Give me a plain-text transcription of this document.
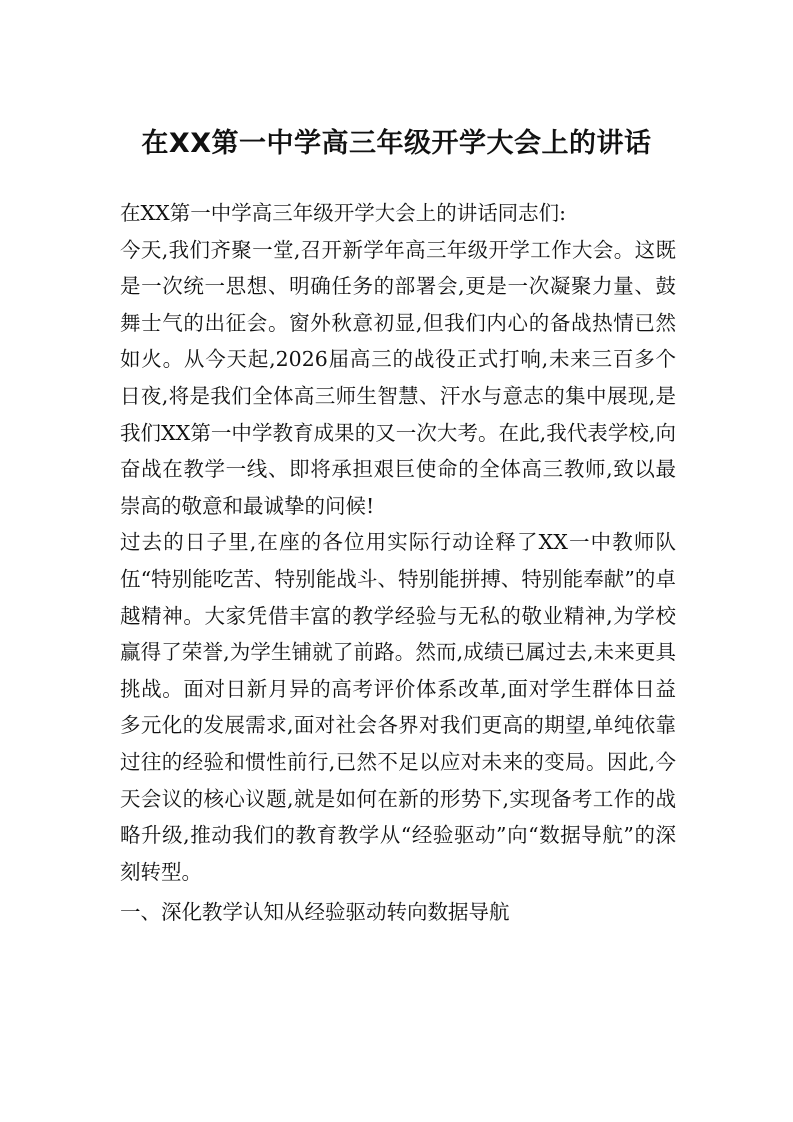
在XX第一中学高三年级开学大会上的讲话

在XX第一中学高三年级开学大会上的讲话同志们:

今天,我们齐聚一堂,召开新学年高三年级开学工作大会。这既是一次统一思想、明确任务的部署会,更是一次凝聚力量、鼓舞士气的出征会。窗外秋意初显,但我们内心的备战热情已然如火。从今天起,2026届高三的战役正式打响,未来三百多个日夜,将是我们全体高三师生智慧、汗水与意志的集中展现,是我们XX第一中学教育成果的又一次大考。在此,我代表学校,向奋战在教学一线、即将承担艰巨使命的全体高三教师,致以最崇高的敬意和最诚挚的问候!

过去的日子里,在座的各位用实际行动诠释了XX一中教师队伍“特别能吃苦、特别能战斗、特别能拼搏、特别能奉献”的卓越精神。大家凭借丰富的教学经验与无私的敬业精神,为学校赢得了荣誉,为学生铺就了前路。然而,成绩已属过去,未来更具挑战。面对日新月异的高考评价体系改革,面对学生群体日益多元化的发展需求,面对社会各界对我们更高的期望,单纯依靠过往的经验和惯性前行,已然不足以应对未来的变局。因此,今天会议的核心议题,就是如何在新的形势下,实现备考工作的战略升级,推动我们的教育教学从“经验驱动”向“数据导航”的深刻转型。

一、深化教学认知从经验驱动转向数据导航
